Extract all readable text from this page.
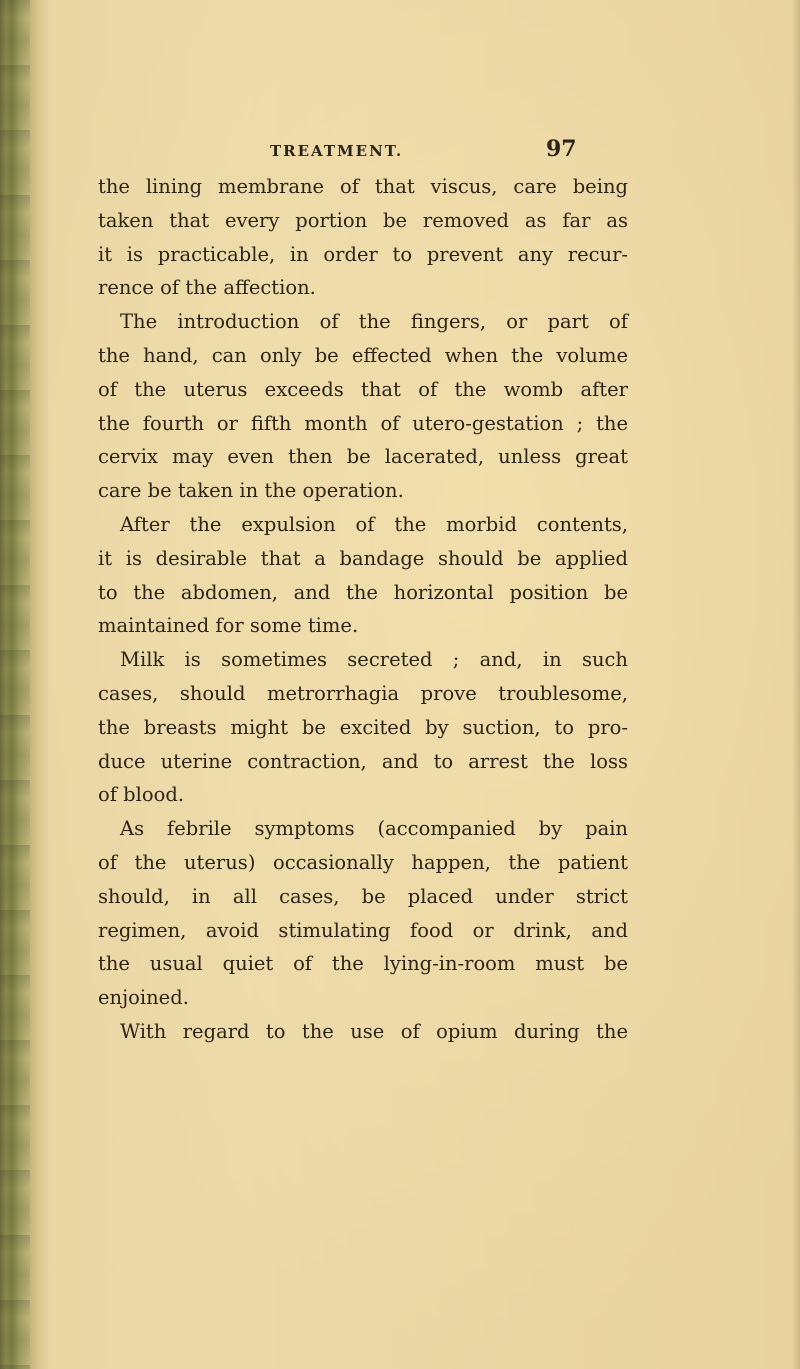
TREATMENT.	97
the lining membrane of that viscus, care being
taken that every portion be removed as far as
it is practicable, in order to prevent any recur-
rence of the affection.
The introduction of the fingers, or part of
the hand, can only be effected when the volume
of the uterus exceeds that of the womb after
the fourth or fifth month of utero-gestation ; the
cervix may even then be lacerated, unless great
care be taken in the operation.
After the expulsion of the morbid contents,
it is desirable that a bandage should be applied
to the abdomen, and the horizontal position be
maintained for some time.
Milk is sometimes secreted ; and, in such
cases, should metrorrhagia prove troublesome,
the breasts might be excited by suction, to pro-
duce uterine contraction, and to arrest the loss
of blood.
As febrile symptoms (accompanied by pain
of the uterus) occasionally happen, the patient
should, in all cases, be placed under strict
regimen, avoid stimulating food or drink, and
the usual quiet of the lying-in-room must be
enjoined.
With regard to the use of opium during the
